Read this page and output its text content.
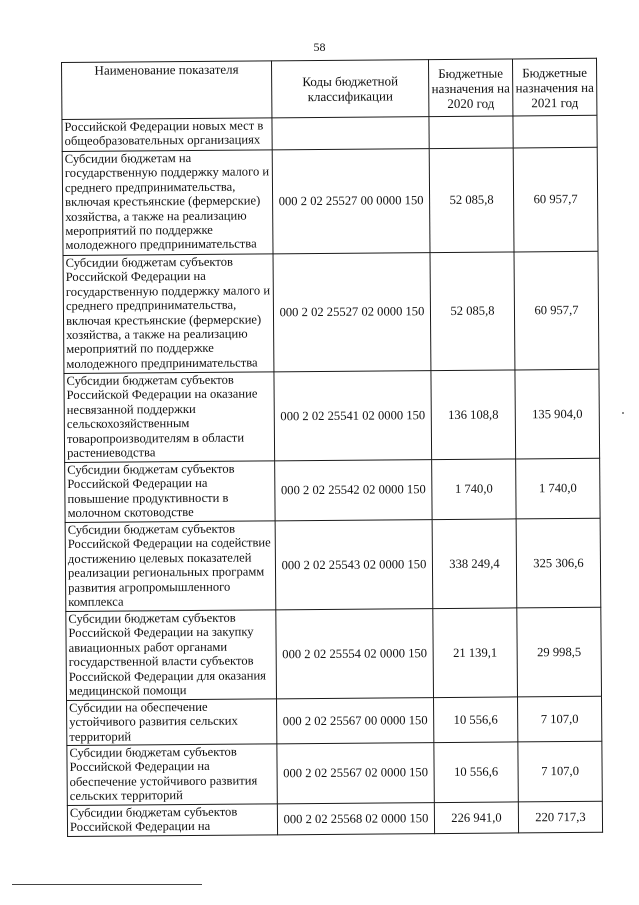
58
Наименование показателя	Коды бюджетной классификации	Бюджетные назначения на 2020 год	Бюджетные назначения на 2021 год
Российской Федерации новых мест в общеобразовательных организациях			
Субсидии бюджетам на государственную поддержку малого и среднего предпринимательства, включая крестьянские (фермерские) хозяйства, а также на реализацию мероприятий по поддержке молодежного предпринимательства	000 2 02 25527 00 0000 150	52 085,8	60 957,7
Субсидии бюджетам субъектов Российской Федерации на государственную поддержку малого и среднего предпринимательства, включая крестьянские (фермерские) хозяйства, а также на реализацию мероприятий по поддержке молодежного предпринимательства	000 2 02 25527 02 0000 150	52 085,8	60 957,7
Субсидии бюджетам субъектов Российской Федерации на оказание несвязанной поддержки сельскохозяйственным товаропроизводителям в области растениеводства	000 2 02 25541 02 0000 150	136 108,8	135 904,0
Субсидии бюджетам субъектов Российской Федерации на повышение продуктивности в молочном скотоводстве	000 2 02 25542 02 0000 150	1 740,0	1 740,0
Субсидии бюджетам субъектов Российской Федерации на содействие достижению целевых показателей реализации региональных программ развития агропромышленного комплекса	000 2 02 25543 02 0000 150	338 249,4	325 306,6
Субсидии бюджетам субъектов Российской Федерации на закупку авиационных работ органами государственной власти субъектов Российской Федерации для оказания медицинской помощи	000 2 02 25554 02 0000 150	21 139,1	29 998,5
Субсидии на обеспечение устойчивого развития сельских территорий	000 2 02 25567 00 0000 150	10 556,6	7 107,0
Субсидии бюджетам субъектов Российской Федерации на обеспечение устойчивого развития сельских территорий	000 2 02 25567 02 0000 150	10 556,6	7 107,0
Субсидии бюджетам субъектов Российской Федерации на	000 2 02 25568 02 0000 150	226 941,0	220 717,3
